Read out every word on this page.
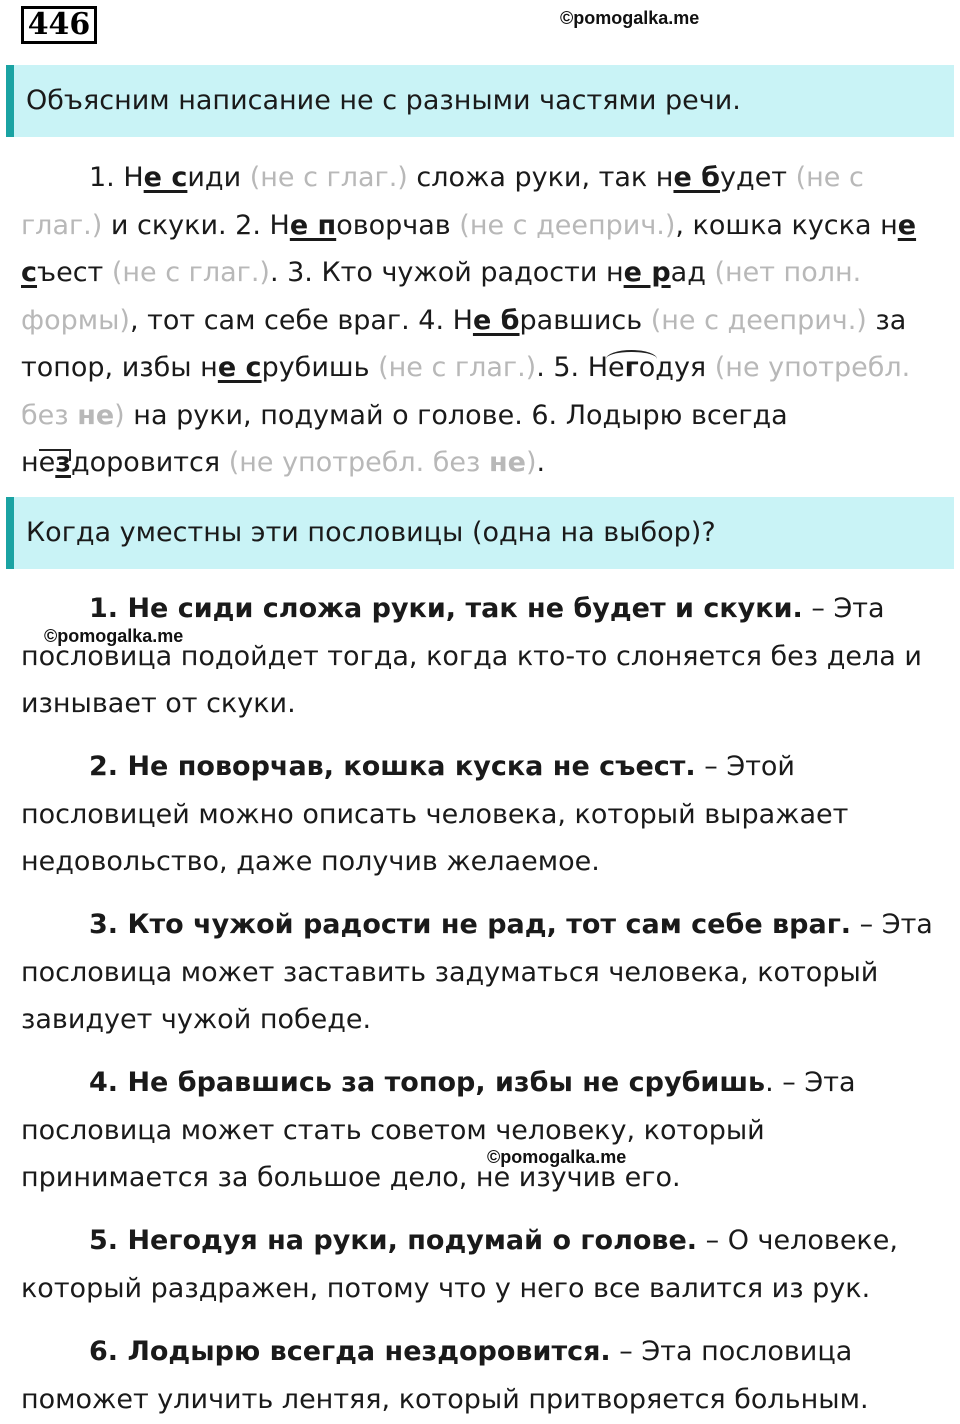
446	©pomogalka.me
Объясним написание не с разными частями речи.
1. Не сиди (не с глаг.) сложа руки, так не будет (не с глаг.) и скуки. 2. Не поворчав (не с дееприч.), кошка куска не съест (не с глаг.). 3. Кто чужой радости не рад (нет полн. формы), тот сам себе враг. 4. Не бравшись (не с дееприч.) за топор, избы не срубишь (не с глаг.). 5. Н
егодуя (не употребл. без не) на руки, подумай о голове. 6. Лодырю всегда н
ездоровится (не употребл. без не).
Когда уместны эти пословицы (одна на выбор)?
1. Не сиди сложа руки, так не будет и скуки. – Эта пословица подойдет тогда, когда кто-то слоняется без дела и изнывает от скуки.
©pomogalka.me
2. Не поворчав, кошка куска не съест. – Этой пословицей можно описать человека, который выражает недовольство, даже получив желаемое.
3. Кто чужой радости не рад, тот сам себе враг. – Эта пословица может заставить задуматься человека, который завидует чужой победе.
4. Не бравшись за топор, избы не срубишь. – Эта пословица может стать советом человеку, который принимается за большое дело, не изучив его.
©pomogalka.me
5. Негодуя на руки, подумай о голове. – О человеке, который раздражен, потому что у него все валится из рук.
6. Лодырю всегда нездоровится. – Эта пословица поможет уличить лентяя, который притворяется больным.
